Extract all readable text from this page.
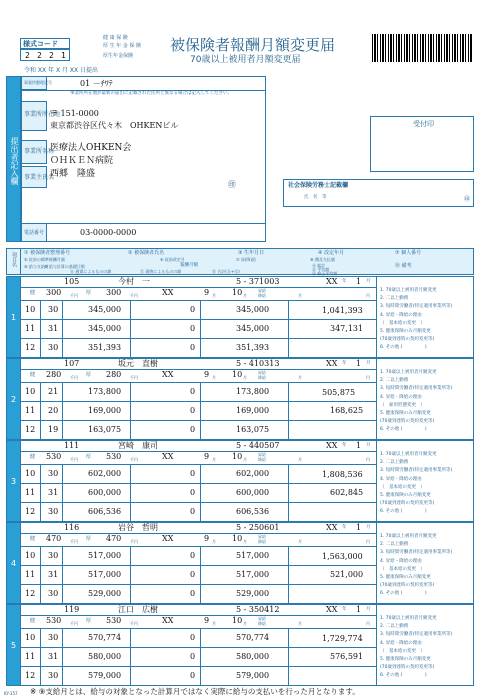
様式コード
2 2 2 1
健 康 保 険
厚 生 年 金 保 険
厚生年金保険
被保険者報酬月額変更届
70歳以上被用者月額変更届
令和 XX 年 X 月 XX 日提出
提出者記入欄
事業所整理記号	01 －ﾁﾜﾃ
事業所所在地が最新の届出に記載された住所と異なる場合は記入してください。
事業所所在地
〒 151-0000
東京都渋谷区代々木　OHKENビル
事業所名称
医療法人OHKEN会
ＯＨＫＥＮ病院
事業主氏名
西郷　隆盛
㊞
電話番号	03-0000-0000
受付印
社会保険労務士記載欄
氏　名　等	㊞
項目名 ① 被保険者整理番号	② 被保険者氏名	③ 生年月日	④ 改定年月	⑦ 個人番号
⑤ 従前の標準報酬月額	⑥ 従前改定月	⑦ 昇(降)給	⑧ 遡及支払額
報酬月額
⑨ 給与支給月
⑩ 給与計算の基礎日数
⑪ 通貨によるものの額	⑫ 現物によるものの額	⑬ 合計(⑪+⑫)
⑭ 総計
⑮ 平均額
⑯ 修正平均額
⑱ 備考
1
105	今村　一	5 - 371003	XX 年 1 月
健 300 千円 厚 300 千円	XX	9 月 10 月
昇給
降給	月	円
10 30	345,000	0	345,000
11 31	345,000	0	345,000
12 30	351,393	0	351,393
1,041,393
347,131
1. 70歳以上被用者月額変更
2. 二以上勤務
3. 短時間労働者(特定適用事業所等)
4. 昇給・降給の理由
（　基本給の変更　）
5. 健康保険のみ月額変更
(70歳到達時の契約変更等)
6. その他 (　　　　　)
2
107	坂元　直樹	5 - 410313	XX 年 1 月
健 280 千円 厚 280 千円	XX	9 月 10 月
昇給
降給	月	円
10 21	173,800	0	173,800
11 20	169,000	0	169,000
12 19	163,075	0	163,075
505,875
168,625
1. 70歳以上被用者月額変更
2. 二以上勤務
3. 短時間労働者(特定適用事業所等)
4. 昇給・降給の理由
（　雇用形態変更　）
5. 健康保険のみ月額変更
(70歳到達時の契約変更等)
6. その他 (　　　　　)
3
111	宮崎　康司	5 - 440507	XX 年 1 月
健 530 千円 厚 530 千円	XX	9 月 10 月
昇給
降給	月	円
10 30	602,000	0	602,000
11 31	600,000	0	600,000
12 30	606,536	0	606,536
1,808,536
602,845
1. 70歳以上被用者月額変更
2. 二以上勤務
3. 短時間労働者(特定適用事業所等)
4. 昇給・降給の理由
（　基本給の変更　）
5. 健康保険のみ月額変更
(70歳到達時の契約変更等)
6. その他 (　　　　　)
4
116	岩谷　哲明	5 - 250601	XX 年 1 月
健 470 千円 厚 470 千円	XX	9 月 10 月
昇給
降給	月	円
10 30	517,000	0	517,000
11 31	517,000	0	517,000
12 30	529,000	0	529,000
1,563,000
521,000
1. 70歳以上被用者月額変更
2. 二以上勤務
3. 短時間労働者(特定適用事業所等)
4. 昇給・降給の理由
（　基本給の変更　）
5. 健康保険のみ月額変更
(70歳到達時の契約変更等)
6. その他 (　　　　　)
5
119	江口　広樹	5 - 350412	XX 年 1 月
健 530 千円 厚 530 千円	XX	9 月 10 月
昇給
降給	月	円
10 30	570,774	0	570,774
11 31	580,000	0	580,000
12 30	579,000	0	579,000
1,729,774
576,591
1. 70歳以上被用者月額変更
2. 二以上勤務
3. 短時間労働者(特定適用事業所等)
4. 昇給・降給の理由
（　基本給の変更　）
5. 健康保険のみ月額変更
(70歳到達時の契約変更等)
6. その他 (　　　　　)
※ ⑨支給月とは、給与の対象となった計算月ではなく実際に給与の支払いを行った月となります。
KY-357
